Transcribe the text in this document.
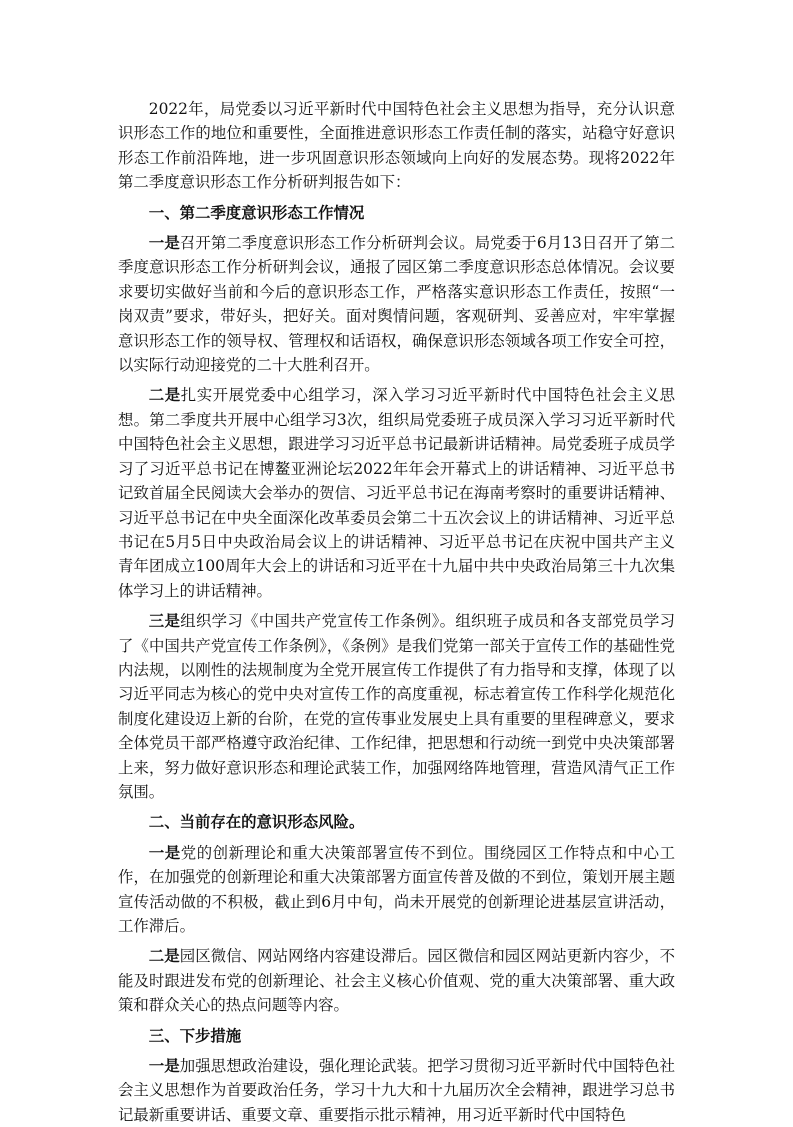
2022年，局党委以习近平新时代中国特色社会主义思想为指导，充分认识意识形态工作的地位和重要性，全面推进意识形态工作责任制的落实，站稳守好意识形态工作前沿阵地，进一步巩固意识形态领域向上向好的发展态势。现将2022年第二季度意识形态工作分析研判报告如下：

一、第二季度意识形态工作情况

一是召开第二季度意识形态工作分析研判会议。局党委于6月13日召开了第二季度意识形态工作分析研判会议，通报了园区第二季度意识形态总体情况。会议要求要切实做好当前和今后的意识形态工作，严格落实意识形态工作责任，按照“一岗双责”要求，带好头，把好关。面对舆情问题，客观研判、妥善应对，牢牢掌握意识形态工作的领导权、管理权和话语权，确保意识形态领域各项工作安全可控，以实际行动迎接党的二十大胜利召开。

二是扎实开展党委中心组学习，深入学习习近平新时代中国特色社会主义思想。第二季度共开展中心组学习3次，组织局党委班子成员深入学习习近平新时代中国特色社会主义思想，跟进学习习近平总书记最新讲话精神。局党委班子成员学习了习近平总书记在博鳌亚洲论坛2022年年会开幕式上的讲话精神、习近平总书记致首届全民阅读大会举办的贺信、习近平总书记在海南考察时的重要讲话精神、习近平总书记在中央全面深化改革委员会第二十五次会议上的讲话精神、习近平总书记在5月5日中央政治局会议上的讲话精神、习近平总书记在庆祝中国共产主义青年团成立100周年大会上的讲话和习近平在十九届中共中央政治局第三十九次集体学习上的讲话精神。

三是组织学习《中国共产党宣传工作条例》。组织班子成员和各支部党员学习了《中国共产党宣传工作条例》，《条例》是我们党第一部关于宣传工作的基础性党内法规，以刚性的法规制度为全党开展宣传工作提供了有力指导和支撑，体现了以习近平同志为核心的党中央对宣传工作的高度重视，标志着宣传工作科学化规范化制度化建设迈上新的台阶，在党的宣传事业发展史上具有重要的里程碑意义，要求全体党员干部严格遵守政治纪律、工作纪律，把思想和行动统一到党中央决策部署上来，努力做好意识形态和理论武装工作，加强网络阵地管理，营造风清气正工作氛围。

二、当前存在的意识形态风险。

一是党的创新理论和重大决策部署宣传不到位。围绕园区工作特点和中心工作，在加强党的创新理论和重大决策部署方面宣传普及做的不到位，策划开展主题宣传活动做的不积极，截止到6月中旬，尚未开展党的创新理论进基层宣讲活动，工作滞后。

二是园区微信、网站网络内容建设滞后。园区微信和园区网站更新内容少，不能及时跟进发布党的创新理论、社会主义核心价值观、党的重大决策部署、重大政策和群众关心的热点问题等内容。

三、下步措施

一是加强思想政治建设，强化理论武装。把学习贯彻习近平新时代中国特色社会主义思想作为首要政治任务，学习十九大和十九届历次全会精神，跟进学习总书记最新重要讲话、重要文章、重要指示批示精神，用习近平新时代中国特色
